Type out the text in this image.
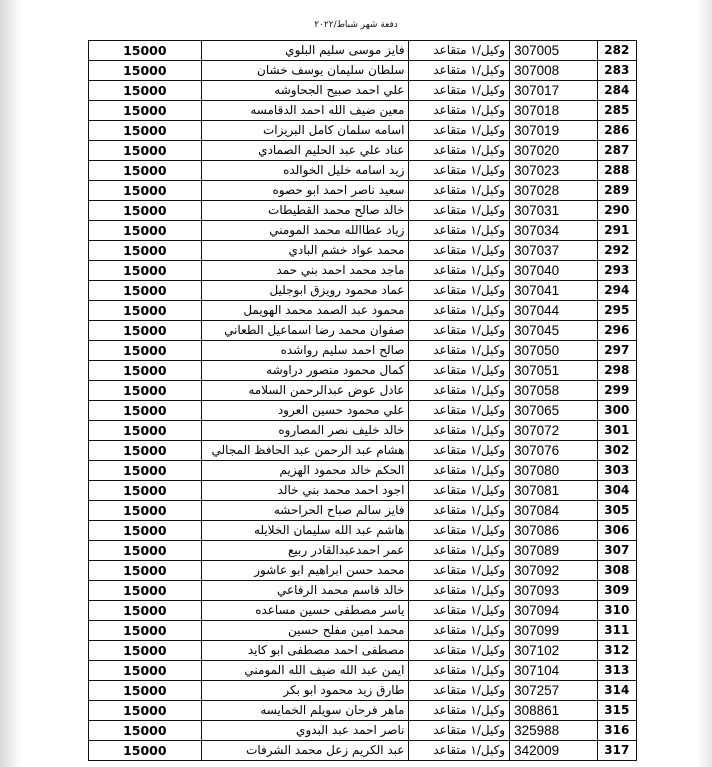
دفعة شهر شباط/٢٠٢٢
15000	فايز موسى سليم البلوي	وكيل/١ متقاعد	307005	282
15000	سلطان سليمان يوسف خشان	وكيل/١ متقاعد	307008	283
15000	علي احمد صبيح الجحاوشه	وكيل/١ متقاعد	307017	284
15000	معين ضيف الله احمد الدقامسه	وكيل/١ متقاعد	307018	285
15000	اسامه سلمان كامل البريزات	وكيل/١ متقاعد	307019	286
15000	عناد علي عبد الحليم الصمادي	وكيل/١ متقاعد	307020	287
15000	زيد اسامه خليل الخوالده	وكيل/١ متقاعد	307023	288
15000	سعيد ناصر احمد ابو حصوه	وكيل/١ متقاعد	307028	289
15000	خالد صالح محمد القطيطات	وكيل/١ متقاعد	307031	290
15000	زياد عطاالله محمد المومني	وكيل/١ متقاعد	307034	291
15000	محمد عواد خشم البادي	وكيل/١ متقاعد	307037	292
15000	ماجد محمد احمد بني حمد	وكيل/١ متقاعد	307040	293
15000	عماد محمود رويزق ابوجليل	وكيل/١ متقاعد	307041	294
15000	محمود عبد الصمد محمد الهويمل	وكيل/١ متقاعد	307044	295
15000	صفوان محمد رضا اسماعيل الطعاني	وكيل/١ متقاعد	307045	296
15000	صالح احمد سليم رواشده	وكيل/١ متقاعد	307050	297
15000	كمال محمود منصور دراوشه	وكيل/١ متقاعد	307051	298
15000	عادل عوض عبدالرحمن السلامه	وكيل/١ متقاعد	307058	299
15000	علي محمود حسين العرود	وكيل/١ متقاعد	307065	300
15000	خالد خليف نصر المصاروه	وكيل/١ متقاعد	307072	301
15000	هشام عبد الرحمن عبد الحافظ المجالي	وكيل/١ متقاعد	307076	302
15000	الحكم خالد محمود الهزيم	وكيل/١ متقاعد	307080	303
15000	اجود احمد محمد بني خالد	وكيل/١ متقاعد	307081	304
15000	فايز سالم صباح الحراحشه	وكيل/١ متقاعد	307084	305
15000	هاشم عبد الله سليمان الخلايله	وكيل/١ متقاعد	307086	306
15000	عمر احمدعبدالقادر ربيع	وكيل/١ متقاعد	307089	307
15000	محمد حسن ابراهيم ابو عاشور	وكيل/١ متقاعد	307092	308
15000	خالد قاسم محمد الرفاعي	وكيل/١ متقاعد	307093	309
15000	ياسر مصطفى حسين مساعده	وكيل/١ متقاعد	307094	310
15000	محمد امين مفلح حسين	وكيل/١ متقاعد	307099	311
15000	مصطفى احمد مصطفى ابو كايد	وكيل/١ متقاعد	307102	312
15000	ايمن عبد الله ضيف الله المومني	وكيل/١ متقاعد	307104	313
15000	طارق زيد محمود ابو بكر	وكيل/١ متقاعد	307257	314
15000	ماهر فرحان سويلم الخمايسه	وكيل/١ متقاعد	308861	315
15000	ناصر احمد عبد البدوي	وكيل/١ متقاعد	325988	316
15000	عبد الكريم زعل محمد الشرفات	وكيل/١ متقاعد	342009	317
